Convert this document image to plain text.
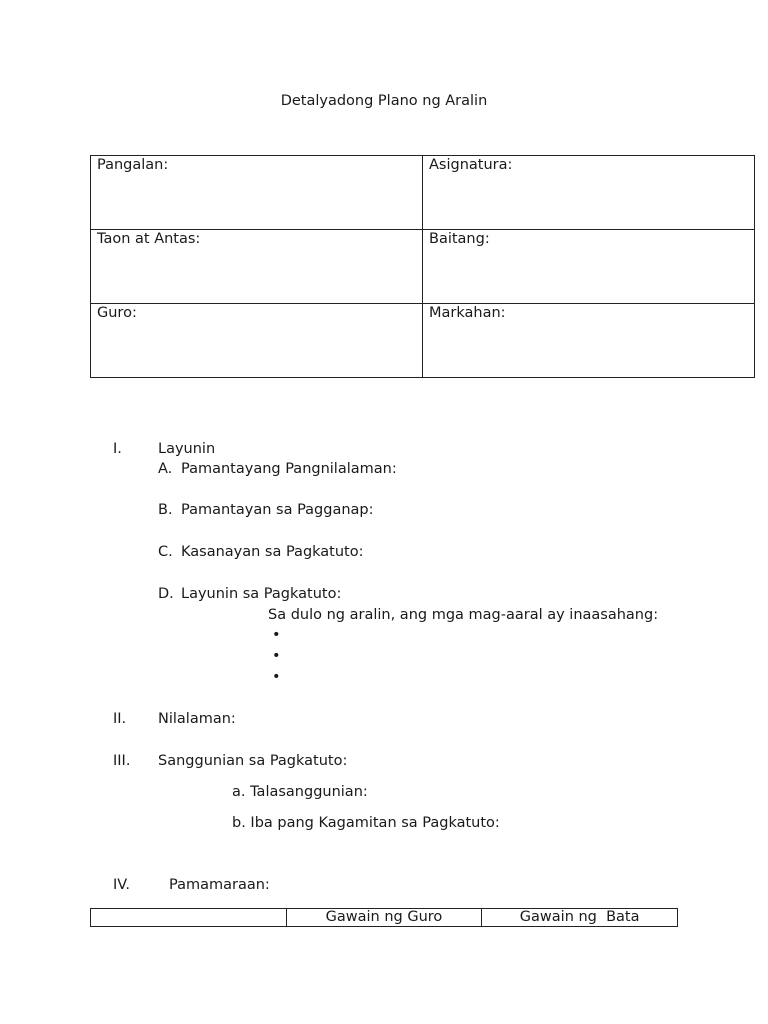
Detalyadong Plano ng Aralin
Pangalan:	Asignatura:
Taon at Antas:	Baitang:
Guro:	Markahan:
I. Layunin
A. Pamantayang Pangnilalaman:
B. Pamantayan sa Pagganap:
C. Kasanayan sa Pagkatuto:
D. Layunin sa Pagkatuto:
Sa dulo ng aralin, ang mga mag-aaral ay inaasahang:
•
•
•
II. Nilalaman:
III. Sanggunian sa Pagkatuto:
a. Talasanggunian:
b. Iba pang Kagamitan sa Pagkatuto:
IV.	Pamamaraan:
	Gawain ng Guro	Gawain ng  Bata
